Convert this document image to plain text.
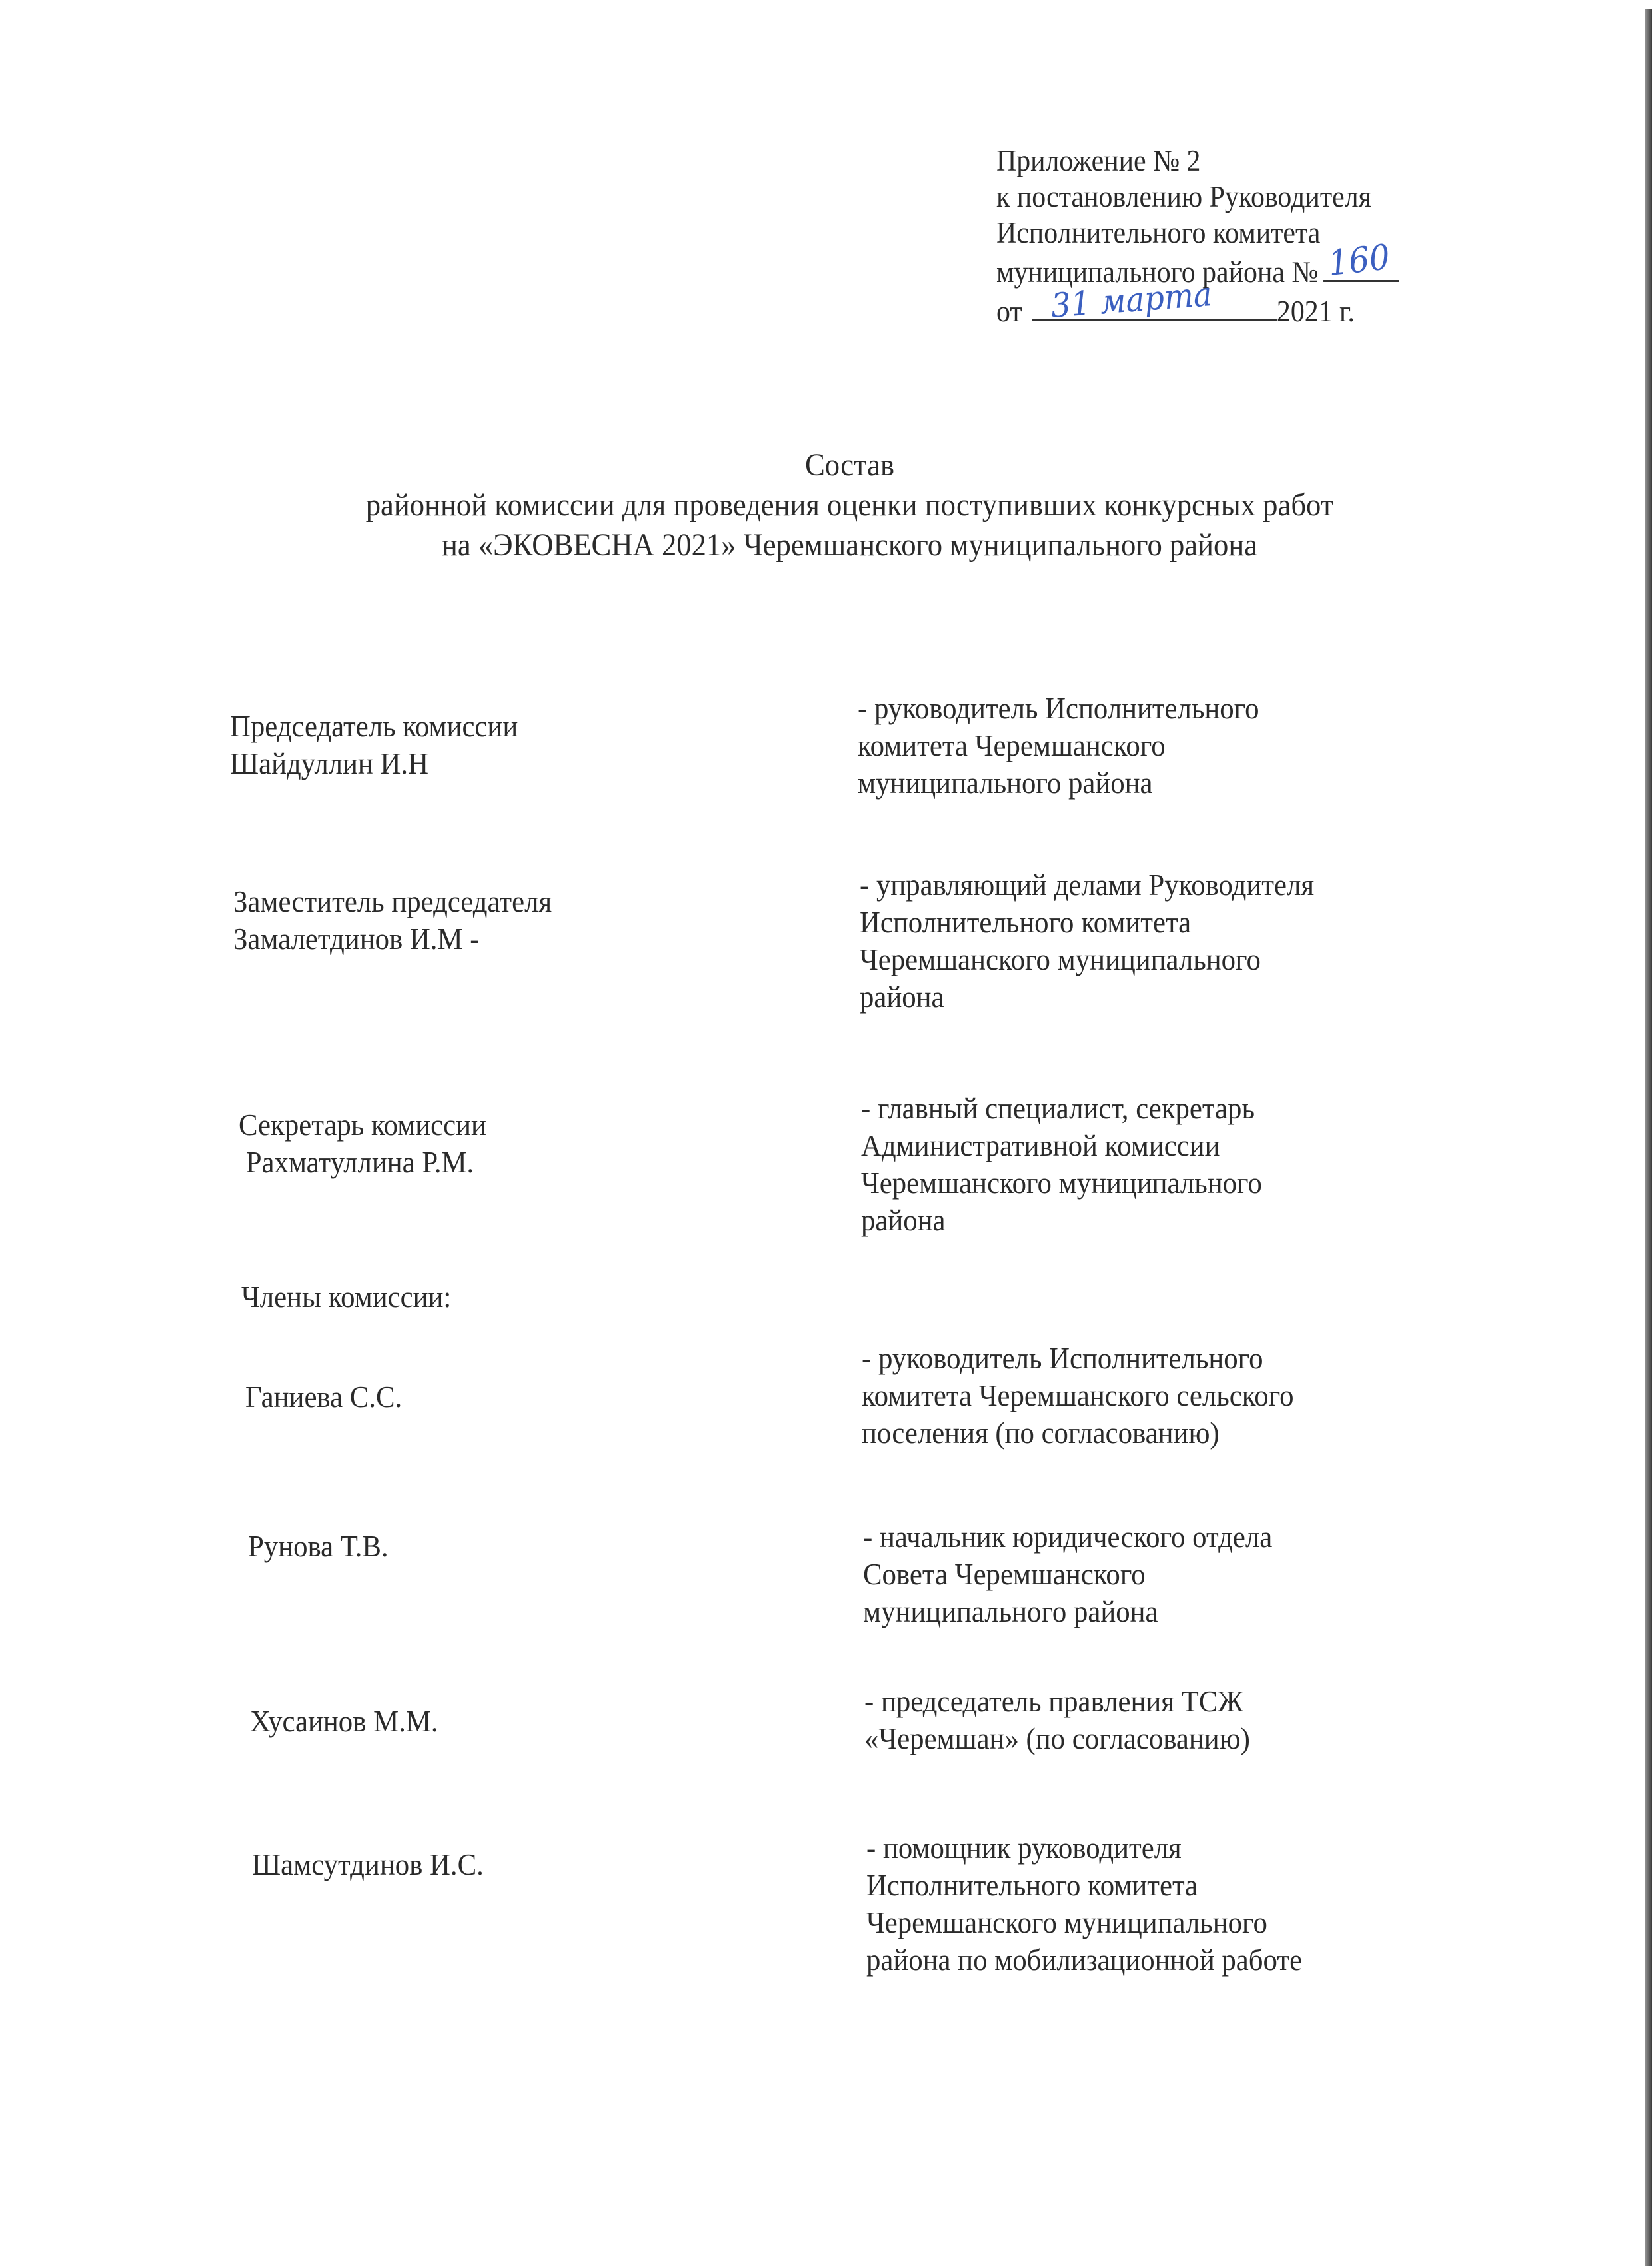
Приложение № 2
к постановлению Руководителя
Исполнительного комитета
муниципального района № 160
от 31 марта 2021 г.
Состав
районной комиссии для проведения оценки поступивших конкурсных работ
на «ЭКОВЕСНА 2021» Черемшанского муниципального района
Председатель комиссии
Шайдуллин И.Н
- руководитель Исполнительного
комитета Черемшанского
муниципального района
Заместитель председателя
Замалетдинов И.М -
- управляющий делами Руководителя
Исполнительного комитета
Черемшанского муниципального
района
Секретарь комиссии
Рахматуллина Р.М.
- главный специалист, секретарь
Административной комиссии
Черемшанского муниципального
района
Члены комиссии:
Ганиева С.С.
- руководитель Исполнительного
комитета Черемшанского сельского
поселения (по согласованию)
Рунова Т.В.	- начальник юридического отдела
Совета Черемшанского
муниципального района
Хусаинов М.М.
- председатель правления ТСЖ
«Черемшан» (по согласованию)
Шамсутдинов И.С.	- помощник руководителя
Исполнительного комитета
Черемшанского муниципального
района по мобилизационной работе
